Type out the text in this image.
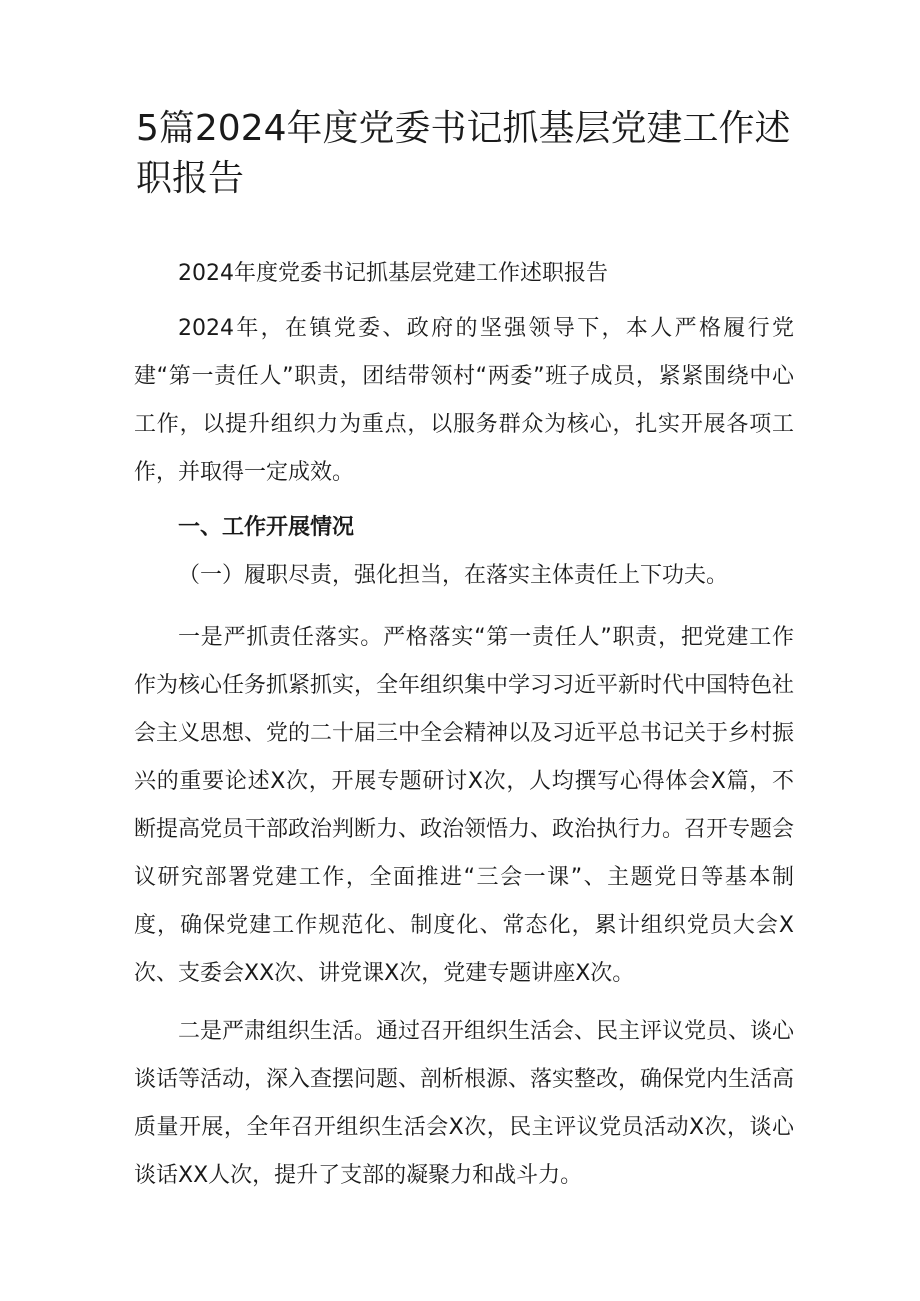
5篇2024年度党委书记抓基层党建工作述职报告

2024年度党委书记抓基层党建工作述职报告

2024年，在镇党委、政府的坚强领导下，本人严格履行党建“第一责任人”职责，团结带领村“两委”班子成员，紧紧围绕中心工作，以提升组织力为重点，以服务群众为核心，扎实开展各项工作，并取得一定成效。

一、工作开展情况

（一）履职尽责，强化担当，在落实主体责任上下功夫。

一是严抓责任落实。严格落实“第一责任人”职责，把党建工作作为核心任务抓紧抓实，全年组织集中学习习近平新时代中国特色社会主义思想、党的二十届三中全会精神以及习近平总书记关于乡村振兴的重要论述X次，开展专题研讨X次，人均撰写心得体会X篇，不断提高党员干部政治判断力、政治领悟力、政治执行力。召开专题会议研究部署党建工作，全面推进“三会一课”、主题党日等基本制度，确保党建工作规范化、制度化、常态化，累计组织党员大会X次、支委会XX次、讲党课X次，党建专题讲座X次。

二是严肃组织生活。通过召开组织生活会、民主评议党员、谈心谈话等活动，深入查摆问题、剖析根源、落实整改，确保党内生活高质量开展，全年召开组织生活会X次，民主评议党员活动X次，谈心谈话XX人次，提升了支部的凝聚力和战斗力。
